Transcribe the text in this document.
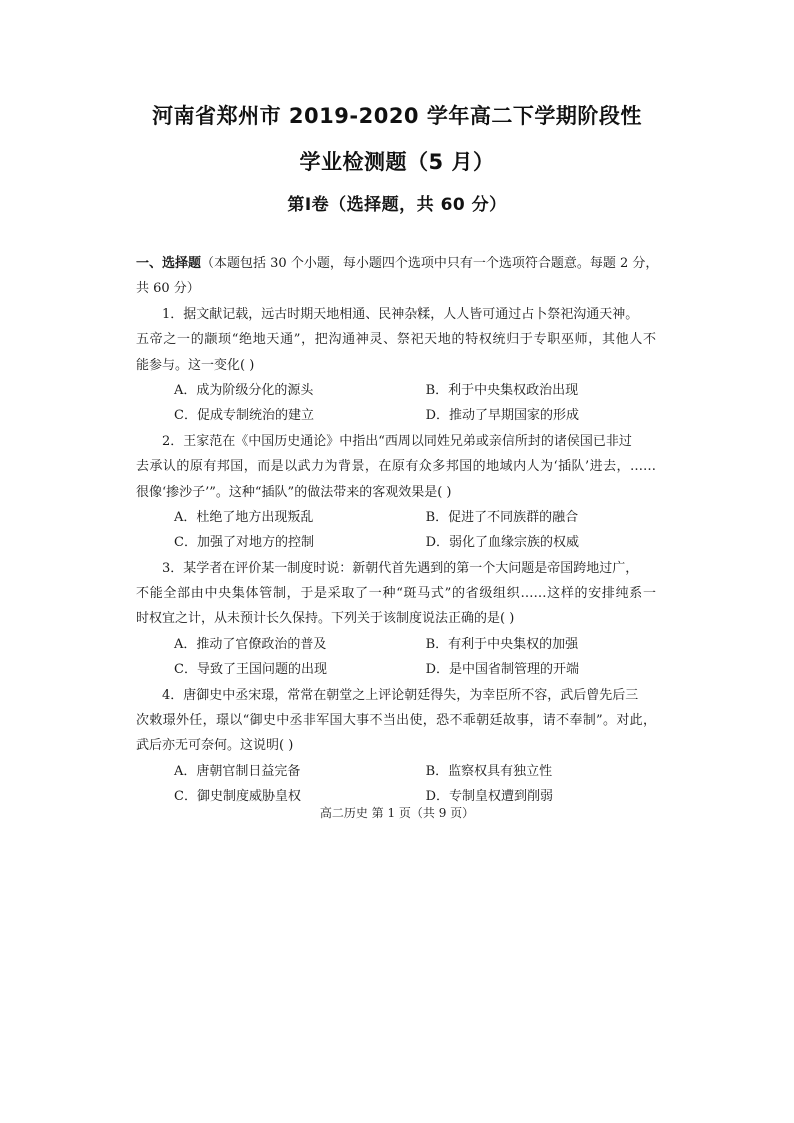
河南省郑州市 2019-2020 学年高二下学期阶段性
学业检测题（5 月）
第Ⅰ卷（选择题，共 60 分）
一、选择题（本题包括 30 个小题，每小题四个选项中只有一个选项符合题意。每题 2 分，
共 60 分）
1．据文献记载，远古时期天地相通、民神杂糅，人人皆可通过占卜祭祀沟通天神。
五帝之一的颛顼“绝地天通”，把沟通神灵、祭祀天地的特权统归于专职巫师，其他人不
能参与。这一变化( )
A．成为阶级分化的源头	B．利于中央集权政治出现
C．促成专制统治的建立	D．推动了早期国家的形成
2．王家范在《中国历史通论》中指出“西周以同姓兄弟或亲信所封的诸侯国已非过
去承认的原有邦国，而是以武力为背景，在原有众多邦国的地域内人为‘插队’进去，……
很像‘掺沙子’”。这种“插队”的做法带来的客观效果是( )
A．杜绝了地方出现叛乱	B．促进了不同族群的融合
C．加强了对地方的控制	D．弱化了血缘宗族的权威
3．某学者在评价某一制度时说：新朝代首先遇到的第一个大问题是帝国跨地过广，
不能全部由中央集体管制，于是采取了一种“斑马式”的省级组织……这样的安排纯系一
时权宜之计，从未预计长久保持。下列关于该制度说法正确的是( )
A．推动了官僚政治的普及	B．有利于中央集权的加强
C．导致了王国问题的出现	D．是中国省制管理的开端
4．唐御史中丞宋璟，常常在朝堂之上评论朝廷得失，为幸臣所不容，武后曾先后三
次敕璟外任，璟以“御史中丞非军国大事不当出使，恐不乖朝廷故事，请不奉制”。对此，
武后亦无可奈何。这说明( )
A．唐朝官制日益完备	B．监察权具有独立性
C．御史制度威胁皇权	D．专制皇权遭到削弱
高二历史 第 1 页（共 9 页）
